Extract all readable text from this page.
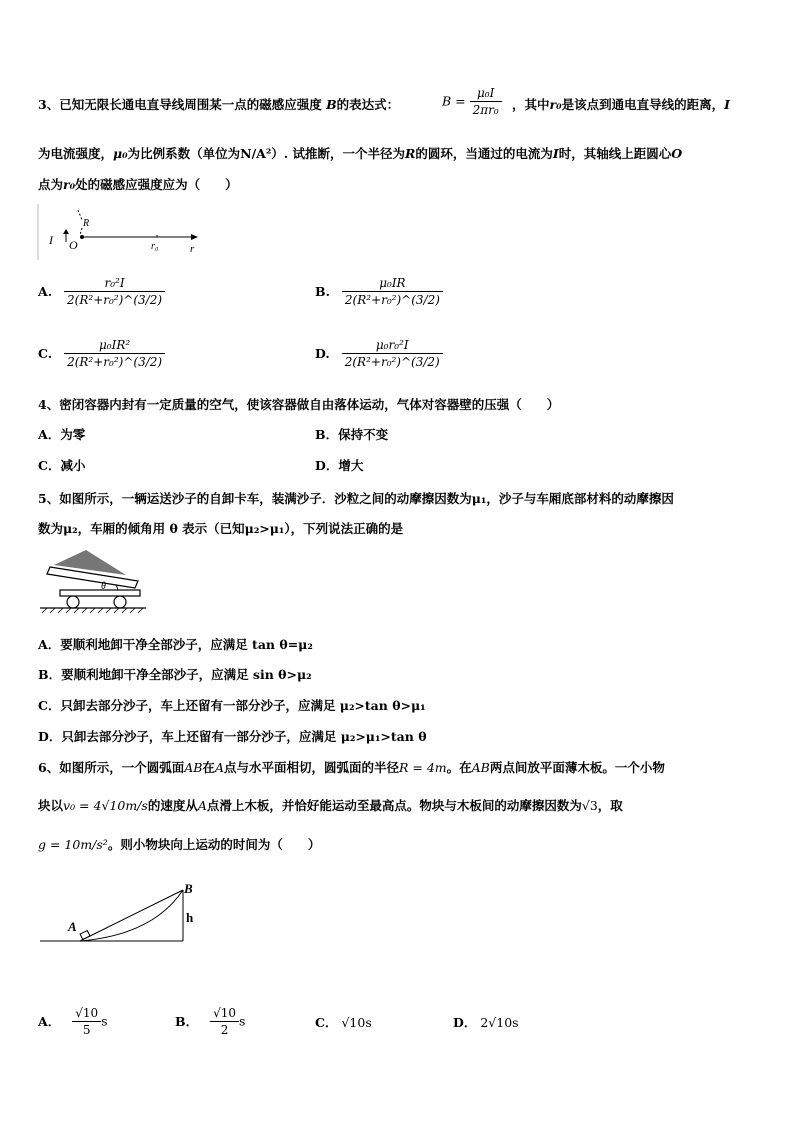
3、已知无限长通电直导线周围某一点的磁感应强度 B的表达式：	$B = \frac{\text{μ₀I}}{\text{2πr₀}}$ ，其中r₀是该点到通电直导线的距离，I
为电流强度，μ₀为比例系数（单位为N/A²）. 试推断，一个半径为R的圆环，当通过的电流为I时，其轴线上距圆心O
点为r₀处的磁感应强度应为（　　）
I O
R
r₀	r
A. $\frac{\text{r₀²I}}{\text{2(R²+r₀²)\textasciicircum{}(3/2)}}$	B. $\frac{\text{μ₀IR}}{\text{2(R²+r₀²)\textasciicircum{}(3/2)}}$
C. $\frac{\text{μ₀IR²}}{\text{2(R²+r₀²)\textasciicircum{}(3/2)}}$	D. $\frac{\text{μ₀r₀²I}}{\text{2(R²+r₀²)\textasciicircum{}(3/2)}}$
4、密闭容器内封有一定质量的空气，使该容器做自由落体运动，气体对容器壁的压强（　　）
A．为零	B．保持不变
C．减小	D．增大
5、如图所示，一辆运送沙子的自卸卡车，装满沙子．沙粒之间的动摩擦因数为μ₁，沙子与车厢底部材料的动摩擦因
数为μ₂，车厢的倾角用 θ 表示（已知μ₂>μ₁），下列说法正确的是
θ
A．要顺利地卸干净全部沙子，应满足 tan θ=μ₂
B．要顺利地卸干净全部沙子，应满足 sin θ>μ₂
C．只卸去部分沙子，车上还留有一部分沙子，应满足 μ₂>tan θ>μ₁
D．只卸去部分沙子，车上还留有一部分沙子，应满足 μ₂>μ₁>tan θ
6、如图所示，一个圆弧面AB在A点与水平面相切，圆弧面的半径R = 4m。在AB两点间放平面薄木板。一个小物
块以v₀ = 4√10m/s的速度从A点滑上木板，并恰好能运动至最高点。物块与木板间的动摩擦因数为√3，取
g = 10m/s²。则小物块向上运动的时间为（　　）
A
B
h
A． $\frac{√10}{5}$ s	B． $\frac{√10}{2}$ s	C． √10s	D． 2√10s
